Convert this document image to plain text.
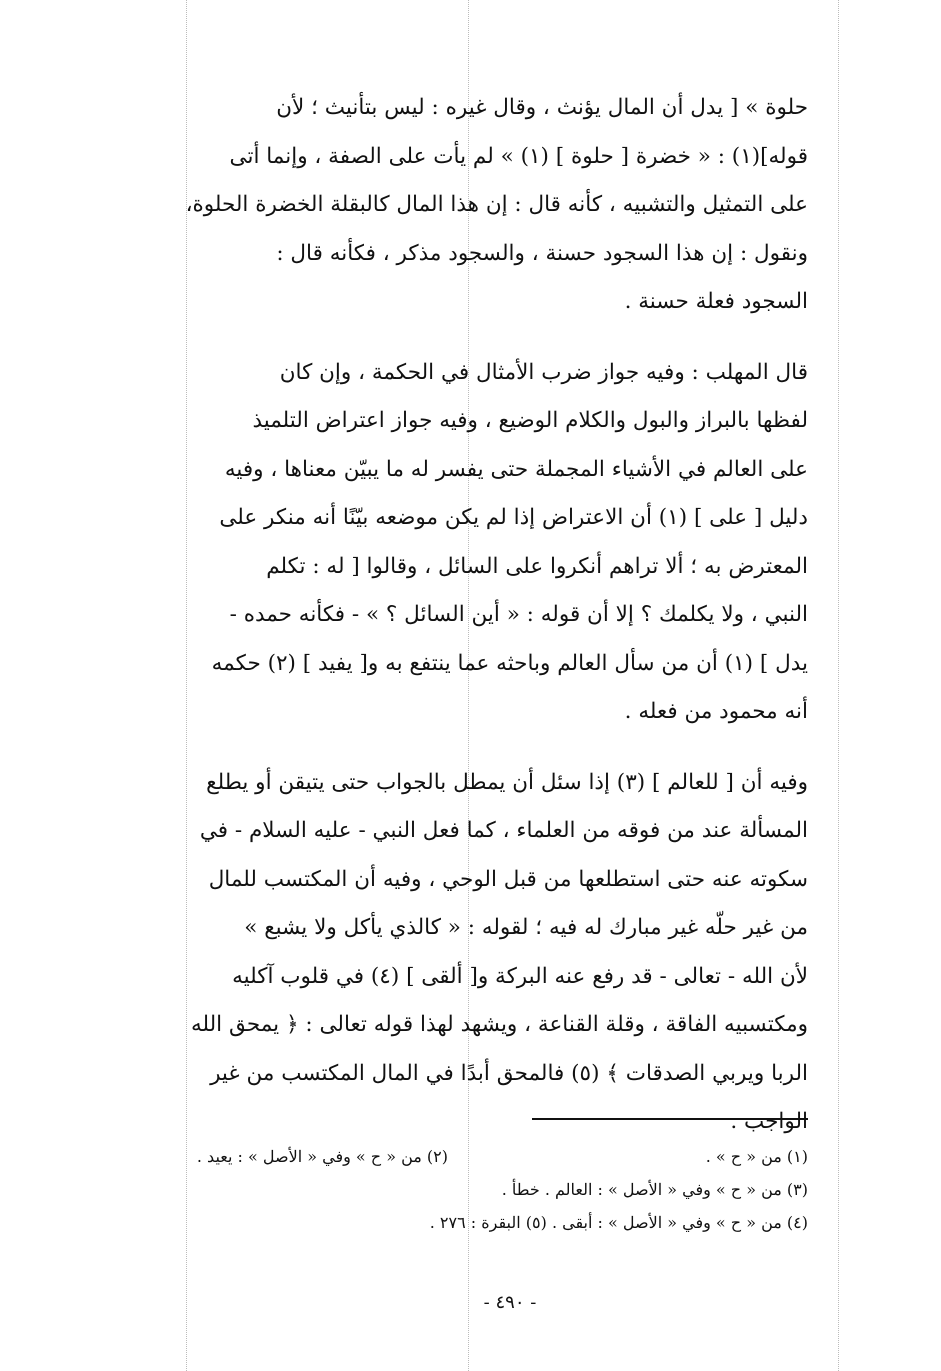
حلوة » [ يدل أن المال يؤنث ، وقال غيره : ليس بتأنيث ؛ لأن
قوله](١) : « خضرة [ حلوة ] (١) » لم يأت على الصفة ، وإنما أتى
على التمثيل والتشبيه ، كأنه قال : إن هذا المال كالبقلة الخضرة الحلوة،
ونقول : إن هذا السجود حسنة ، والسجود مذكر ، فكأنه قال :
السجود فعلة حسنة .
قال المهلب : وفيه جواز ضرب الأمثال في الحكمة ، وإن كان
لفظها بالبراز والبول والكلام الوضيع ، وفيه جواز اعتراض التلميذ
على العالم في الأشياء المجملة حتى يفسر له ما يبيّن معناها ، وفيه
دليل [ على ] (١) أن الاعتراض إذا لم يكن موضعه بيّنًا أنه منكر على
المعترض به ؛ ألا تراهم أنكروا على السائل ، وقالوا [ له : تكلم
النبي ، ولا يكلمك ؟ إلا أن قوله : « أين السائل ؟ » - فكأنه حمده -
يدل ] (١) أن من سأل العالم وباحثه عما ينتفع به و[ يفيد ] (٢) حكمه
أنه محمود من فعله .
وفيه أن [ للعالم ] (٣) إذا سئل أن يمطل بالجواب حتى يتيقن أو يطلع
المسألة عند من فوقه من العلماء ، كما فعل النبي - عليه السلام - في
سكوته عنه حتى استطلعها من قبل الوحي ، وفيه أن المكتسب للمال
من غير حلّه غير مبارك له فيه ؛ لقوله : « كالذي يأكل ولا يشبع »
لأن الله - تعالى - قد رفع عنه البركة و[ ألقى ] (٤) في قلوب آكليه
ومكتسبيه الفاقة ، وقلة القناعة ، ويشهد لهذا قوله تعالى : ﴿ يمحق الله
الربا ويربي الصدقات ﴾ (٥) فالمحق أبدًا في المال المكتسب من غير
الواجب .
(١) من « ح » .
(٢) من « ح » وفي « الأصل » : يعيد .
(٣) من « ح » وفي « الأصل » : العالم . خطأ .
(٤) من « ح » وفي « الأصل » : أبقى . (٥) البقرة : ٢٧٦ .
- ٤٩٠ -
